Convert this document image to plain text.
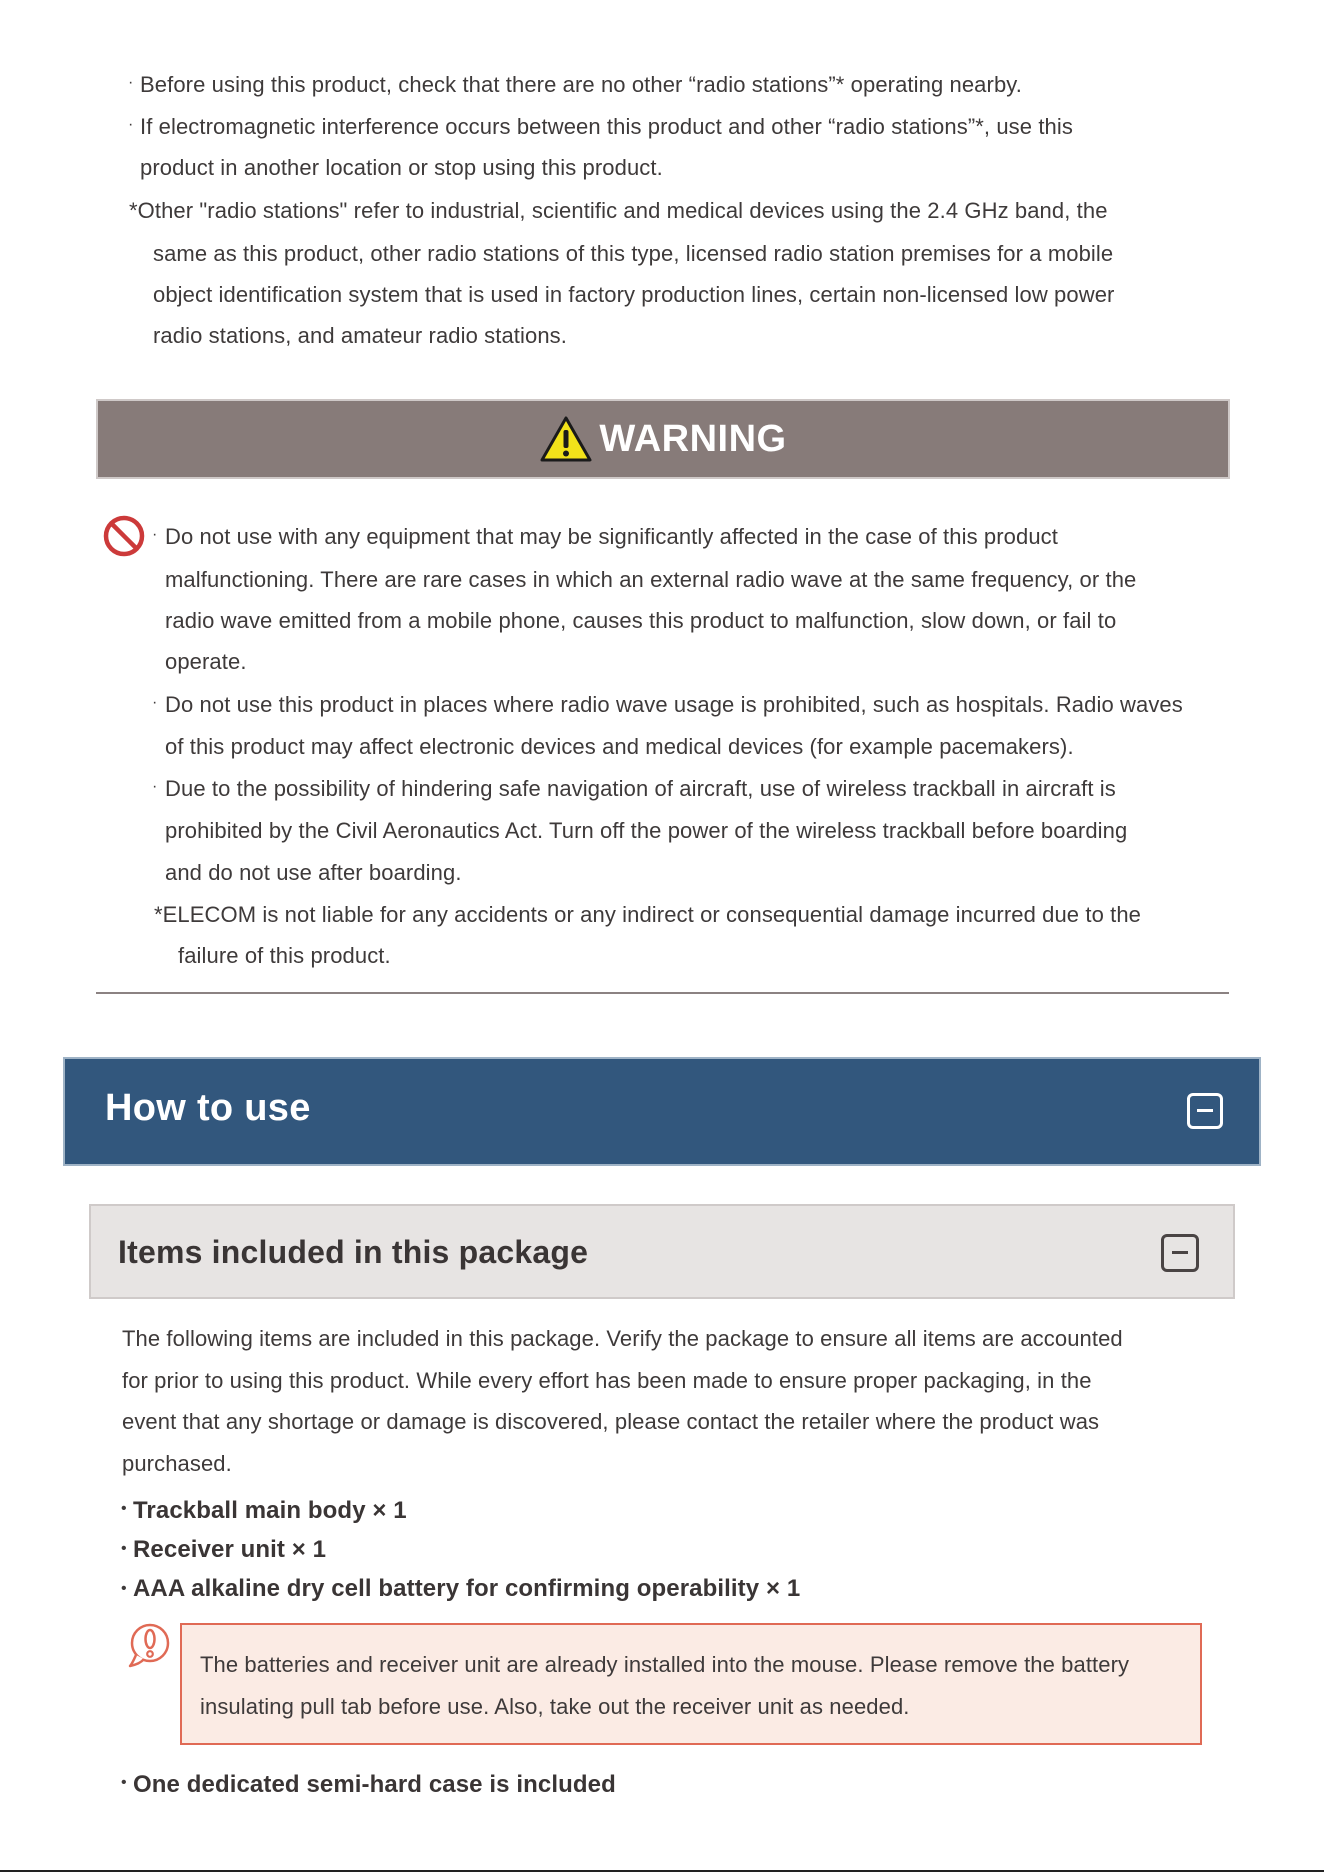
· Before using this product, check that there are no other “radio stations”* operating nearby.
· If electromagnetic interference occurs between this product and other “radio stations”*, use this
product in another location or stop using this product.
*Other "radio stations" refer to industrial, scientific and medical devices using the 2.4 GHz band, the
same as this product, other radio stations of this type, licensed radio station premises for a mobile
object identification system that is used in factory production lines, certain non-licensed low power
radio stations, and amateur radio stations.
WARNING
· Do not use with any equipment that may be significantly affected in the case of this product
malfunctioning. There are rare cases in which an external radio wave at the same frequency, or the
radio wave emitted from a mobile phone, causes this product to malfunction, slow down, or fail to
operate.
· Do not use this product in places where radio wave usage is prohibited, such as hospitals. Radio waves
of this product may affect electronic devices and medical devices (for example pacemakers).
· Due to the possibility of hindering safe navigation of aircraft, use of wireless trackball in aircraft is
prohibited by the Civil Aeronautics Act. Turn off the power of the wireless trackball before boarding
and do not use after boarding.
*ELECOM is not liable for any accidents or any indirect or consequential damage incurred due to the
failure of this product.
How to use
Items included in this package
The following items are included in this package. Verify the package to ensure all items are accounted
for prior to using this product. While every effort has been made to ensure proper packaging, in the
event that any shortage or damage is discovered, please contact the retailer where the product was
purchased.
• Trackball main body × 1
• Receiver unit × 1
• AAA alkaline dry cell battery for confirming operability × 1
The batteries and receiver unit are already installed into the mouse. Please remove the battery
insulating pull tab before use. Also, take out the receiver unit as needed.
• One dedicated semi-hard case is included
